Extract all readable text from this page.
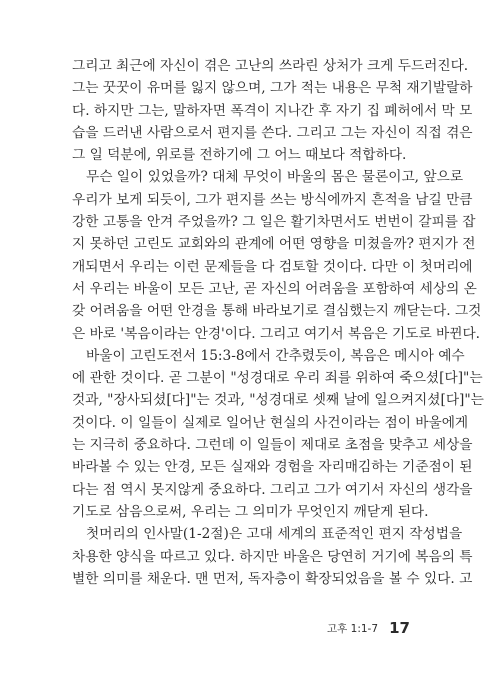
그리고 최근에 자신이 겪은 고난의 쓰라린 상처가 크게 두드러진다.
그는 꿋꿋이 유머를 잃지 않으며, 그가 적는 내용은 무척 재기발랄하
다. 하지만 그는, 말하자면 폭격이 지나간 후 자기 집 폐허에서 막 모
습을 드러낸 사람으로서 편지를 쓴다. 그리고 그는 자신이 직접 겪은
그 일 덕분에, 위로를 전하기에 그 어느 때보다 적합하다.
무슨 일이 있었을까? 대체 무엇이 바울의 몸은 물론이고, 앞으로
우리가 보게 되듯이, 그가 편지를 쓰는 방식에까지 흔적을 남길 만큼
강한 고통을 안겨 주었을까? 그 일은 활기차면서도 번번이 갈피를 잡
지 못하던 고린도 교회와의 관계에 어떤 영향을 미쳤을까? 편지가 전
개되면서 우리는 이런 문제들을 다 검토할 것이다. 다만 이 첫머리에
서 우리는 바울이 모든 고난, 곧 자신의 어려움을 포함하여 세상의 온
갖 어려움을 어떤 안경을 통해 바라보기로 결심했는지 깨닫는다. 그것
은 바로 '복음이라는 안경'이다. 그리고 여기서 복음은 기도로 바뀐다.
바울이 고린도전서 15:3-8에서 간추렸듯이, 복음은 메시아 예수
에 관한 것이다. 곧 그분이 "성경대로 우리 죄를 위하여 죽으셨[다]"는
것과, "장사되셨[다]"는 것과, "성경대로 셋째 날에 일으켜지셨[다]"는
것이다. 이 일들이 실제로 일어난 현실의 사건이라는 점이 바울에게
는 지극히 중요하다. 그런데 이 일들이 제대로 초점을 맞추고 세상을
바라볼 수 있는 안경, 모든 실재와 경험을 자리매김하는 기준점이 된
다는 점 역시 못지않게 중요하다. 그리고 그가 여기서 자신의 생각을
기도로 삼음으로써, 우리는 그 의미가 무엇인지 깨닫게 된다.
첫머리의 인사말(1-2절)은 고대 세계의 표준적인 편지 작성법을
차용한 양식을 따르고 있다. 하지만 바울은 당연히 거기에 복음의 특
별한 의미를 채운다. 맨 먼저, 독자층이 확장되었음을 볼 수 있다. 고
고후 1:1-7 17
